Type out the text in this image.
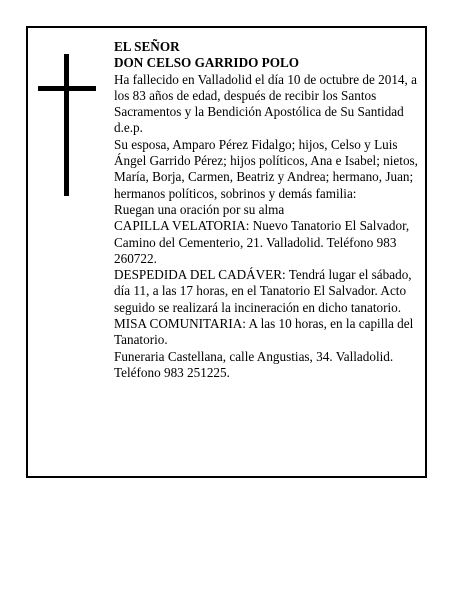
EL SEÑOR

DON CELSO GARRIDO POLO

Ha fallecido en Valladolid el día 10 de octubre de 2014, a los 83 años de edad, después de recibir los Santos Sacramentos y la Bendición Apostólica de Su Santidad d.e.p.

Su esposa, Amparo Pérez Fidalgo; hijos, Celso y Luis Ángel Garrido Pérez; hijos políticos, Ana e Isabel; nietos, María, Borja, Carmen, Beatriz y Andrea; hermano, Juan; hermanos políticos, sobrinos y demás familia:

Ruegan una oración por su alma

CAPILLA VELATORIA: Nuevo Tanatorio El Salvador, Camino del Cementerio, 21. Valladolid. Teléfono 983 260722.

DESPEDIDA DEL CADÁVER: Tendrá lugar el sábado, día 11, a las 17 horas, en el Tanatorio El Salvador. Acto seguido se realizará la incineración en dicho tanatorio.

MISA COMUNITARIA: A las 10 horas, en la capilla del Tanatorio.

Funeraria Castellana, calle Angustias, 34. Valladolid. Teléfono 983 251225.
